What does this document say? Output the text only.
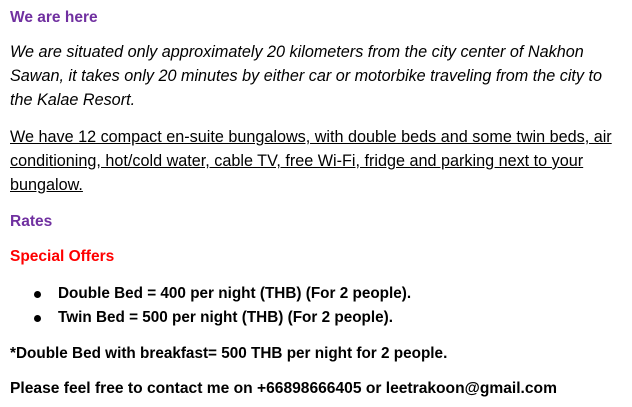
We are here

We are situated only approximately 20 kilometers from the city center of Nakhon Sawan, it takes only 20 minutes by either car or motorbike traveling from the city to the Kalae Resort.

We have 12 compact en-suite bungalows, with double beds and some twin beds, air conditioning, hot/cold water, cable TV, free Wi-Fi, fridge and parking next to your bungalow.

Rates
Special Offers
Double Bed = 400 per night (THB) (For 2 people).
Twin Bed = 500 per night (THB) (For 2 people).

*Double Bed with breakfast= 500 THB per night for 2 people.

Please feel free to contact me on +66898666405 or leetrakoon@gmail.com
